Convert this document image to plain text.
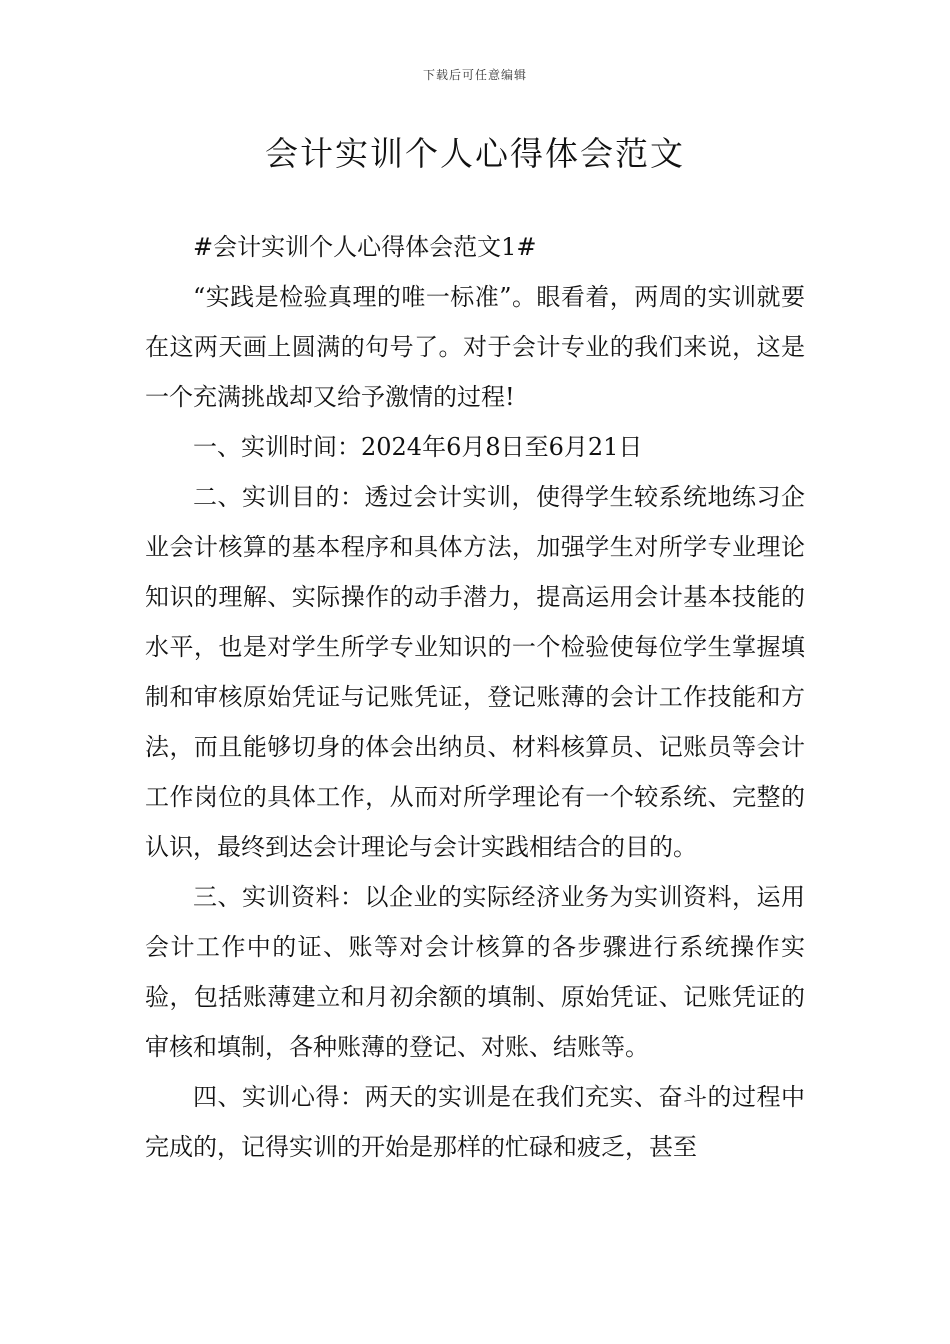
下载后可任意编辑
会计实训个人心得体会范文

#会计实训个人心得体会范文1#

“实践是检验真理的唯一标准”。眼看着，两周的实训就要在这两天画上圆满的句号了。对于会计专业的我们来说，这是一个充满挑战却又给予激情的过程!

一、实训时间：2024年6月8日至6月21日

二、实训目的：透过会计实训，使得学生较系统地练习企业会计核算的基本程序和具体方法，加强学生对所学专业理论知识的理解、实际操作的动手潜力，提高运用会计基本技能的水平，也是对学生所学专业知识的一个检验使每位学生掌握填制和审核原始凭证与记账凭证，登记账薄的会计工作技能和方法，而且能够切身的体会出纳员、材料核算员、记账员等会计工作岗位的具体工作，从而对所学理论有一个较系统、完整的认识，最终到达会计理论与会计实践相结合的目的。

三、实训资料：以企业的实际经济业务为实训资料，运用会计工作中的证、账等对会计核算的各步骤进行系统操作实验，包括账薄建立和月初余额的填制、原始凭证、记账凭证的审核和填制，各种账薄的登记、对账、结账等。

四、实训心得：两天的实训是在我们充实、奋斗的过程中完成的，记得实训的开始是那样的忙碌和疲乏，甚至
